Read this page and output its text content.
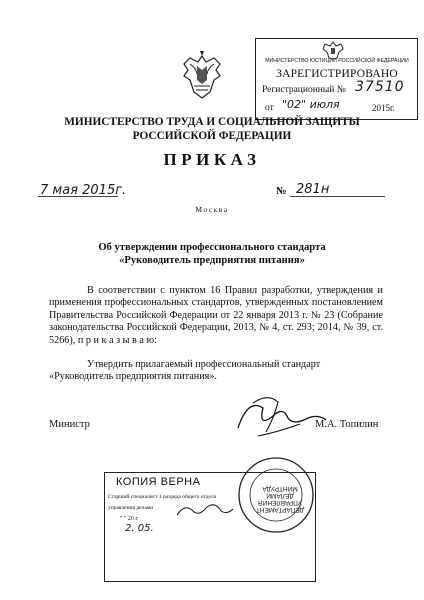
МИНИСТЕРСТВО ЮСТИЦИИ РОССИЙСКОЙ ФЕДЕРАЦИИ
ЗАРЕГИСТРИРОВАНО
Регистрационный № 37510
от "02" июля	2015г.
МИНИСТЕРСТВО ТРУДА И СОЦИАЛЬНОЙ ЗАЩИТЫ
РОССИЙСКОЙ ФЕДЕРАЦИИ
ПРИКАЗ
7 мая 2015г.	№ 281н
Москва
Об утверждении профессионального стандарта
«Руководитель предприятия питания»
В соответствии с пунктом 16 Правил разработки, утверждения и применения профессиональных стандартов, утвержденных постановлением Правительства Российской Федерации от 22 января 2013 г. № 23 (Собрание законодательства Российской Федерации, 2013, № 4, ст. 293; 2014, № 39, ст. 5266), п р и к а з ы в а ю:
Утвердить прилагаемый профессиональный стандарт «Руководитель предприятия питания».
Министр	М.А. Топилин
КОПИЯ ВЕРНА
Старший специалист 1 разряда общего отдела
управления делами
" " 20 г.
2. 05.
ДЕПАРТАМЕНТ УПРАВЛЕНИЯ ДЕЛАМИ МИНТРУДА
